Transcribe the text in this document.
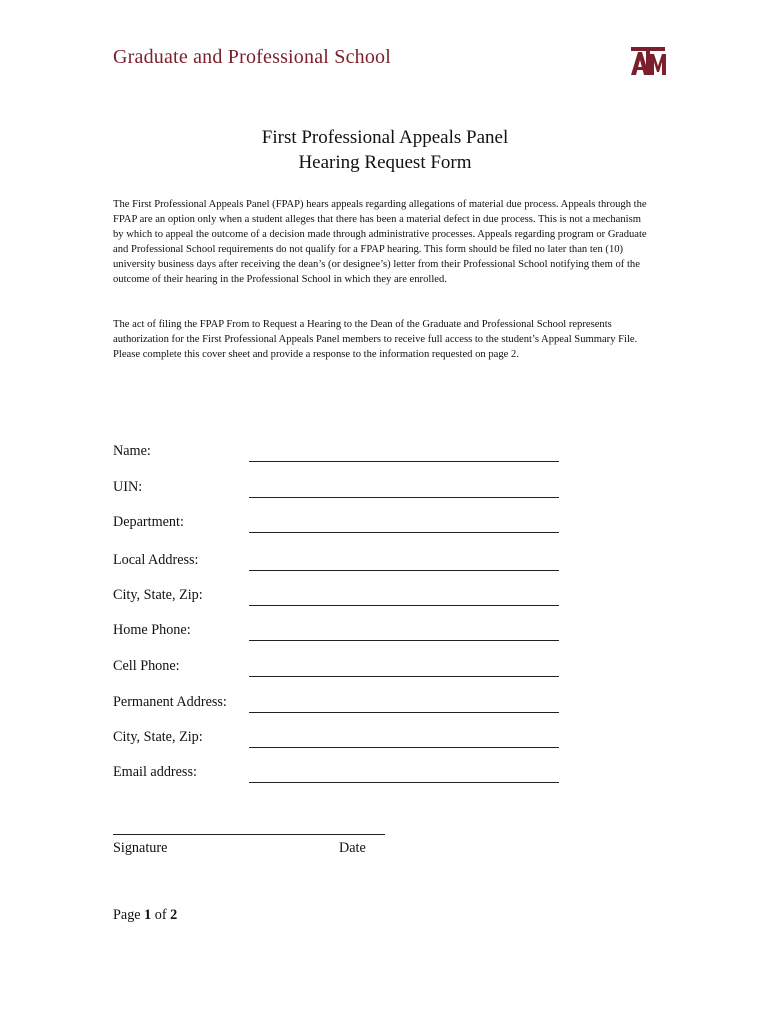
Graduate and Professional School
First Professional Appeals Panel
Hearing Request Form
The First Professional Appeals Panel (FPAP) hears appeals regarding allegations of material due process. Appeals through the FPAP are an option only when a student alleges that there has been a material defect in due process. This is not a mechanism by which to appeal the outcome of a decision made through administrative processes. Appeals regarding program or Graduate and Professional School requirements do not qualify for a FPAP hearing. This form should be filed no later than ten (10) university business days after receiving the dean’s (or designee’s) letter from their Professional School notifying them of the outcome of their hearing in the Professional School in which they are enrolled.
The act of filing the FPAP From to Request a Hearing to the Dean of the Graduate and Professional School represents authorization for the First Professional Appeals Panel members to receive full access to the student’s Appeal Summary File. Please complete this cover sheet and provide a response to the information requested on page 2.
Name:
UIN:
Department:
Local Address:
City, State, Zip:
Home Phone:
Cell Phone:
Permanent Address:
City, State, Zip:
Email address:
Signature	Date
Page 1 of 2
